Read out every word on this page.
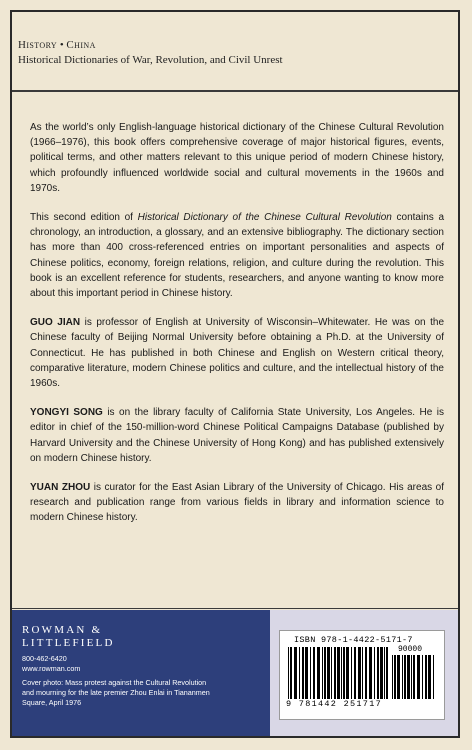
History • China
Historical Dictionaries of War, Revolution, and Civil Unrest

As the world’s only English-language historical dictionary of the Chinese Cultural Revolution (1966–1976), this book offers comprehensive coverage of major historical figures, events, political terms, and other matters relevant to this unique period of modern Chinese history, which profoundly influenced worldwide social and cultural movements in the 1960s and 1970s.

This second edition of Historical Dictionary of the Chinese Cultural Revolution contains a chronology, an introduction, a glossary, and an extensive bibliography. The dictionary section has more than 400 cross-referenced entries on important personalities and aspects of Chinese politics, economy, foreign relations, religion, and culture during the revolution. This book is an excellent reference for students, researchers, and anyone wanting to know more about this important period in Chinese history.

GUO JIAN is professor of English at University of Wisconsin–Whitewater. He was on the Chinese faculty of Beijing Normal University before obtaining a Ph.D. at the University of Connecticut. He has published in both Chinese and English on Western critical theory, comparative literature, modern Chinese politics and culture, and the intellectual history of the 1960s.

YONGYI SONG is on the library faculty of California State University, Los Angeles. He is editor in chief of the 150-million-word Chinese Political Campaigns Database (published by Harvard University and the Chinese University of Hong Kong) and has published extensively on modern Chinese history.

YUAN ZHOU is curator for the East Asian Library of the University of Chicago. His areas of research and publication range from various fields in library and information science to modern Chinese history.

ROWMAN &
LITTLEFIELD
800-462-6420
www.rowman.com
Cover photo: Mass protest against the Cultural Revolution
and mourning for the late premier Zhou Enlai in Tiananmen
Square, April 1976
ISBN 978-1-4422-5171-7
90000
9 781442 251717
